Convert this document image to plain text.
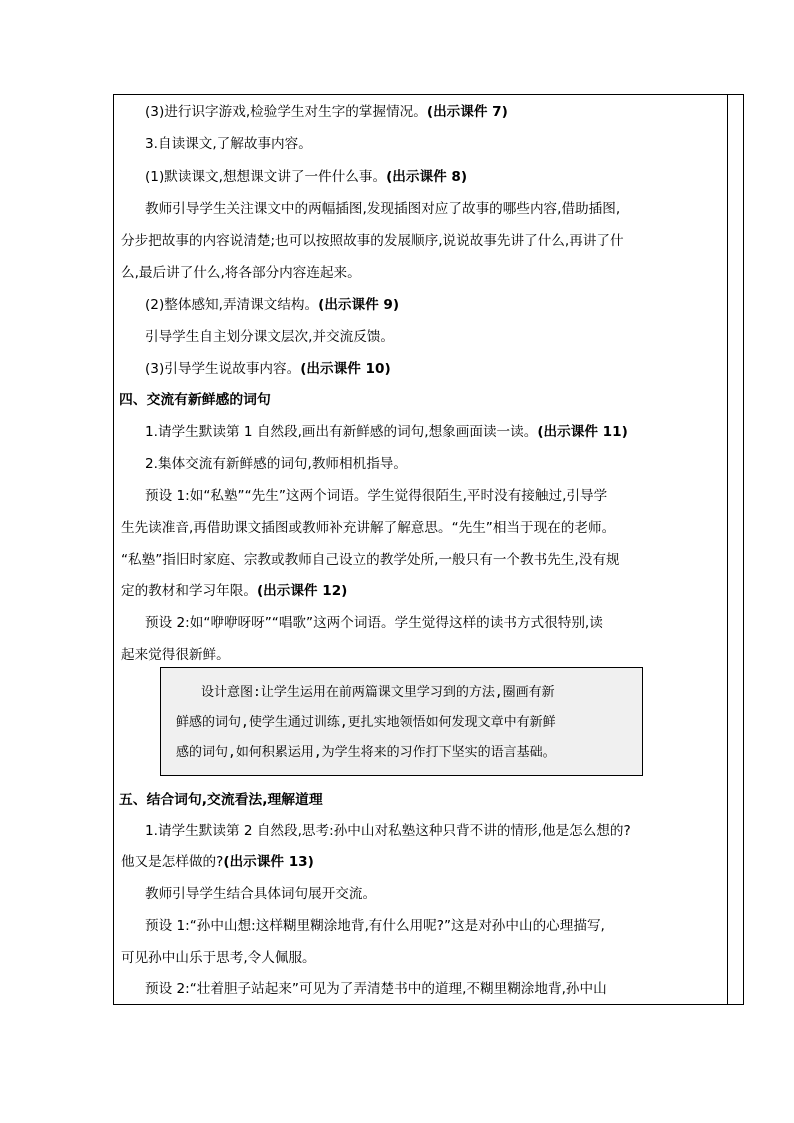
(3)进行识字游戏,检验学生对生字的掌握情况。(出示课件 7)
3.自读课文,了解故事内容。
(1)默读课文,想想课文讲了一件什么事。(出示课件 8)
教师引导学生关注课文中的两幅插图,发现插图对应了故事的哪些内容,借助插图,
分步把故事的内容说清楚;也可以按照故事的发展顺序,说说故事先讲了什么,再讲了什
么,最后讲了什么,将各部分内容连起来。
(2)整体感知,弄清课文结构。(出示课件 9)
引导学生自主划分课文层次,并交流反馈。
(3)引导学生说故事内容。(出示课件 10)
四、交流有新鲜感的词句
1.请学生默读第 1 自然段,画出有新鲜感的词句,想象画面读一读。(出示课件 11)
2.集体交流有新鲜感的词句,教师相机指导。
预设 1:如“私塾”“先生”这两个词语。学生觉得很陌生,平时没有接触过,引导学
生先读准音,再借助课文插图或教师补充讲解了解意思。“先生”相当于现在的老师。
“私塾”指旧时家庭、宗教或教师自己设立的教学处所,一般只有一个教书先生,没有规
定的教材和学习年限。(出示课件 12)
预设 2:如“咿咿呀呀”“唱歌”这两个词语。学生觉得这样的读书方式很特别,读
起来觉得很新鲜。
设计意图:让学生运用在前两篇课文里学习到的方法,圈画有新
鲜感的词句,使学生通过训练,更扎实地领悟如何发现文章中有新鲜
感的词句,如何积累运用,为学生将来的习作打下坚实的语言基础。
五、结合词句,交流看法,理解道理
1.请学生默读第 2 自然段,思考:孙中山对私塾这种只背不讲的情形,他是怎么想的?
他又是怎样做的?(出示课件 13)
教师引导学生结合具体词句展开交流。
预设 1:“孙中山想:这样糊里糊涂地背,有什么用呢?”这是对孙中山的心理描写,
可见孙中山乐于思考,令人佩服。
预设 2:“壮着胆子站起来”可见为了弄清楚书中的道理,不糊里糊涂地背,孙中山
